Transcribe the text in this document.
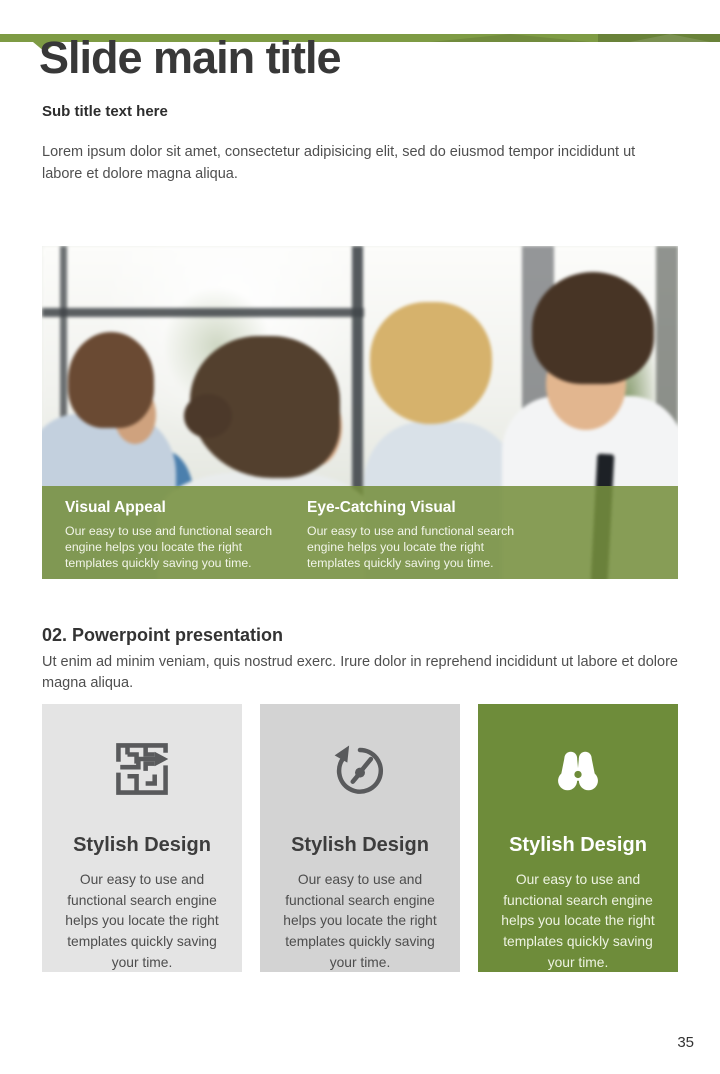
Slide main title
Sub title text here

Lorem ipsum dolor sit amet, consectetur adipisicing elit, sed do eiusmod tempor incididunt ut labore et dolore magna aliqua.

Visual Appeal
Our easy to use and functional search engine helps you locate the right templates quickly saving you time.
Eye-Catching Visual
Our easy to use and functional search engine helps you locate the right templates quickly saving you time.
02. Powerpoint presentation

Ut enim ad minim veniam, quis nostrud exerc. Irure dolor in reprehend incididunt ut labore et dolore magna aliqua.

Stylish Design
Our easy to use and functional search engine helps you locate the right templates quickly saving your time.
Stylish Design
Our easy to use and functional search engine helps you locate the right templates quickly saving your time.
Stylish Design
Our easy to use and functional search engine helps you locate the right templates quickly saving your time.
35
